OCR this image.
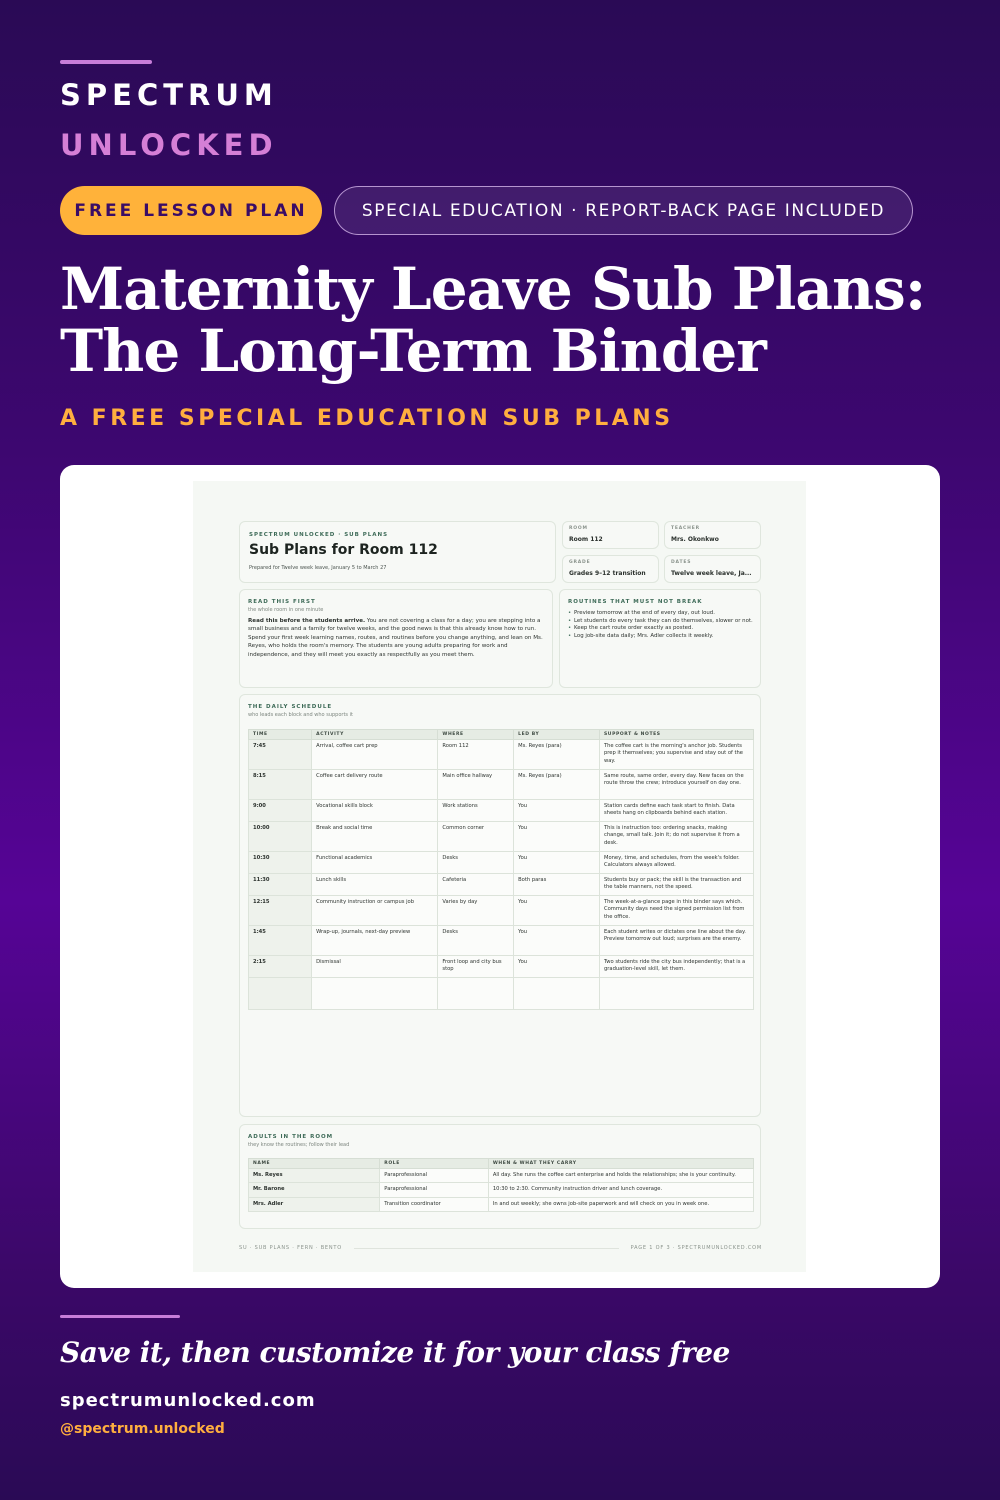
SPECTRUM
UNLOCKED
FREE LESSON PLAN	SPECIAL EDUCATION · REPORT-BACK PAGE INCLUDED
Maternity Leave Sub Plans:
The Long-Term Binder
A FREE SPECIAL EDUCATION SUB PLANS
SPECTRUM UNLOCKED · SUB PLANS
Sub Plans for Room 112
Prepared for Twelve week leave, January 5 to March 27
ROOM
Room 112
TEACHER
Mrs. Okonkwo
GRADE
Grades 9–12 transition
DATES
Twelve week leave, Ja...
READ THIS FIRST
the whole room in one minute
Read this before the students arrive. You are not covering a class for a day; you are stepping into a small business and a family for twelve weeks, and the good news is that this already know how to run. Spend your first week learning names, routes, and routines before you change anything, and lean on Ms. Reyes, who holds the room's memory. The students are young adults preparing for work and independence, and they will meet you exactly as respectfully as you meet them.
ROUTINES THAT MUST NOT BREAK
• Preview tomorrow at the end of every day, out loud.
• Let students do every task they can do themselves, slower or not.
• Keep the cart route order exactly as posted.
• Log job-site data daily; Mrs. Adler collects it weekly.
THE DAILY SCHEDULE
who leads each block and who supports it
TIME	ACTIVITY	WHERE	LED BY	SUPPORT & NOTES
7:45	Arrival, coffee cart prep	Room 112	Ms. Reyes (para)	The coffee cart is the morning's anchor job. Students prep it themselves; you supervise and stay out of the way.
8:15	Coffee cart delivery route	Main office hallway	Ms. Reyes (para)	Same route, same order, every day. New faces on the route throw the crew; introduce yourself on day one.
9:00	Vocational skills block	Work stations	You	Station cards define each task start to finish. Data sheets hang on clipboards behind each station.
10:00	Break and social time	Common corner	You	This is instruction too: ordering snacks, making change, small talk. Join it; do not supervise it from a desk.
10:30	Functional academics	Desks	You	Money, time, and schedules, from the week's folder. Calculators always allowed.
11:30	Lunch skills	Cafeteria	Both paras	Students buy or pack; the skill is the transaction and the table manners, not the speed.
12:15	Community instruction or campus job	Varies by day	You	The week-at-a-glance page in this binder says which. Community days need the signed permission list from the office.
1:45	Wrap-up, journals, next-day preview	Desks	You	Each student writes or dictates one line about the day. Preview tomorrow out loud; surprises are the enemy.
2:15	Dismissal	Front loop and city bus stop	You	Two students ride the city bus independently; that is a graduation-level skill, let them.

ADULTS IN THE ROOM
they know the routines; follow their lead
NAME	ROLE	WHEN & WHAT THEY CARRY
Ms. Reyes	Paraprofessional	All day. She runs the coffee cart enterprise and holds the relationships; she is your continuity.
Mr. Barone	Paraprofessional	10:30 to 2:30. Community instruction driver and lunch coverage.
Mrs. Adler	Transition coordinator	In and out weekly; she owns job-site paperwork and will check on you in week one.
SU · SUB PLANS · FERN · BENTO	PAGE 1 OF 3 · SPECTRUMUNLOCKED.COM
Save it, then customize it for your class free
spectrumunlocked.com
@spectrum.unlocked
